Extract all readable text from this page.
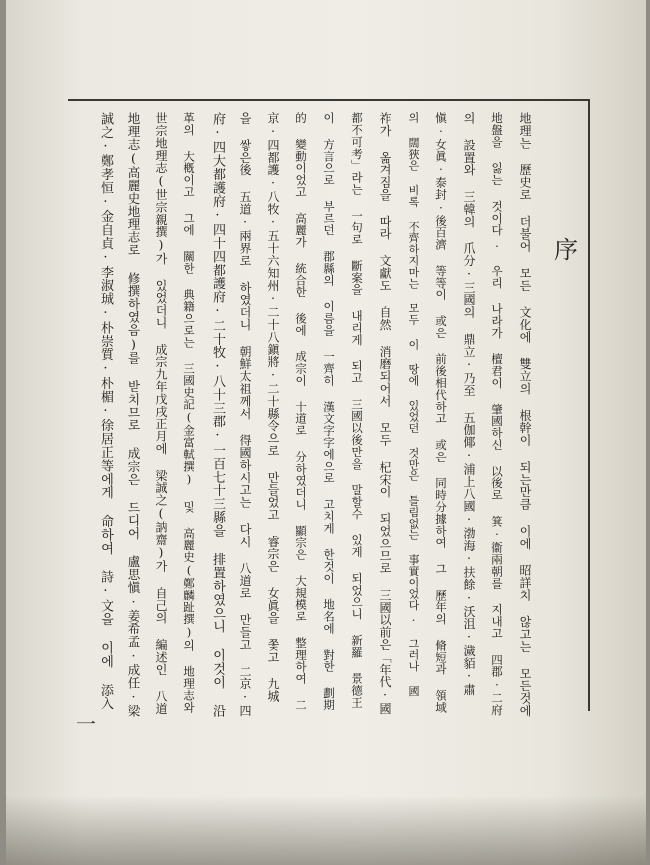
序
地理는 歷史로 더불어 모든 文化에 雙立의 根幹이 되는만큼 이에 昭詳치 않고는 모든것에
地盤을 잃는 것이다. 우리 나라가 檀君이 肇國하신 以後로 箕·衞兩朝를 지내고 四郡·二府
의 設置와 三韓의 爪分·三國의 鼎立·乃至 五伽倻·浦上八國·渤海·扶餘·沃沮·濊貊·肅
愼·女眞·泰封·後百濟 等等이 或은 前後相代하고 或은 同時分據하여 그 歷年의 脩短과 領域
의 闊狹은 비록 不齊하지마는 모두 이 땅에 있었던 것만은 틀림없는 事實이었다. 그러나 國
祚가 옮겨짐을 따라 文獻도 自然 消磨되어서 모두 杞宋이 되었으므로 三國以前은「年代·國
都不可考」라는 一句로 斷案을 내리게 되고 三國以後만을 말할수 있게 되었으니 新羅 景德王
이 方言으로 부르던 郡縣의 이름을 一齊히 漢文字字에으로 고치게 한것이 地名에 對한 劃期
的 變動이었고 高麗가 統合한 後에 成宗이 十道로 分하였더니 顯宗은 大規模로 整理하여 二
京·四都護·八牧·五十六知州·二十八鎭將·二十縣令으로 만들었고 睿宗은 女眞을 쫓고 九城
을 쌓은後 五道·兩界로 하였더니 朝鮮太祖께서 得國하시고는 다시 八道로 만들고 二京·四
府·四大都護府·四十四都護府·二十牧·八十三郡·一百七十三縣을 排置하였으니 이것이 沿
革의 大槪이고 그에 關한 典籍으로는 三國史記(金富軾撰) 및 高麗史(鄭麟趾撰)의 地理志와
世宗地理志(世宗親撰)가 있었더니 成宗九年戊戌正月에 梁誠之(訥齋)가 自己의 編述인 八道
地理志(高麗史地理志로 修撰하였음)를 받치므로 成宗은 드디어 盧思愼·姜希孟·成任·梁
誠之·鄭孝恒·金自貞·李淑珹·朴崇質·朴楣·徐居正等에게 命하여 詩·文을 이에 添入
一
